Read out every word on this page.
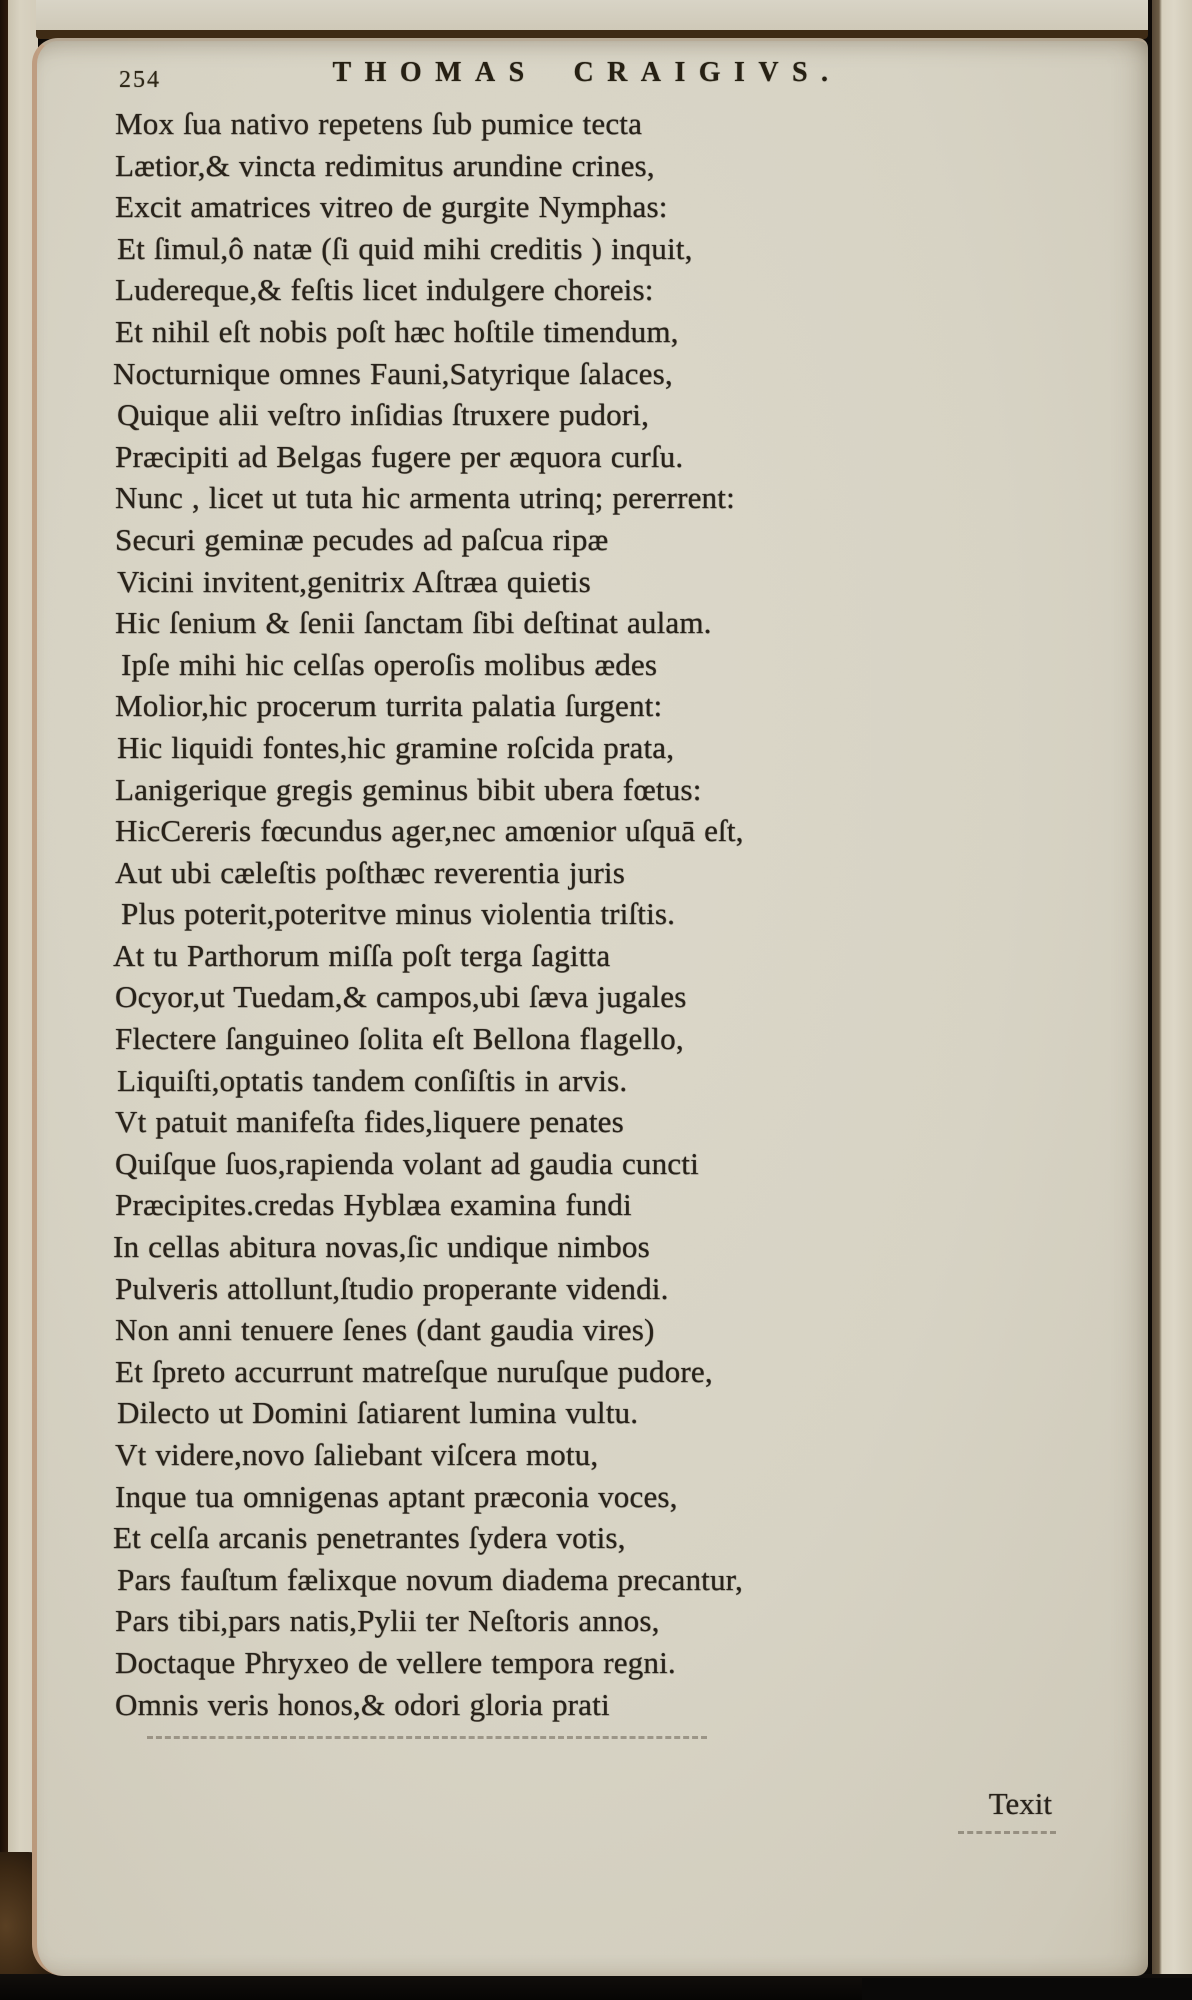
254	THOMAS CRAIGIVS.
Mox ſua nativo repetens ſub pumice tecta
Lætior,& vincta redimitus arundine crines,
Excit amatrices vitreo de gurgite Nymphas:
Et ſimul,ô natæ (ſi quid mihi creditis ) inquit,
Ludereque,& feſtis licet indulgere choreis:
Et nihil eſt nobis poſt hæc hoſtile timendum,
Nocturnique omnes Fauni,Satyrique ſalaces,
Quique alii veſtro inſidias ſtruxere pudori,
Præcipiti ad Belgas fugere per æquora curſu.
Nunc , licet ut tuta hic armenta utrinq; pererrent:
Securi geminæ pecudes ad paſcua ripæ
Vicini invitent,genitrix Aſtræa quietis
Hic ſenium & ſenii ſanctam ſibi deſtinat aulam.
Ipſe mihi hic celſas operoſis molibus ædes
Molior,hic procerum turrita palatia ſurgent:
Hic liquidi fontes,hic gramine roſcida prata,
Lanigerique gregis geminus bibit ubera fœtus:
HicCereris fœcundus ager,nec amœnior uſquā eſt,
Aut ubi cæleſtis poſthæc reverentia juris
Plus poterit,poteritve minus violentia triſtis.
At tu Parthorum miſſa poſt terga ſagitta
Ocyor,ut Tuedam,& campos,ubi ſæva jugales
Flectere ſanguineo ſolita eſt Bellona flagello,
Liquiſti,optatis tandem conſiſtis in arvis.
Vt patuit manifeſta fides,liquere penates
Quiſque ſuos,rapienda volant ad gaudia cuncti
Præcipites.credas Hyblæa examina fundi
In cellas abitura novas,ſic undique nimbos
Pulveris attollunt,ſtudio properante videndi.
Non anni tenuere ſenes (dant gaudia vires)
Et ſpreto accurrunt matreſque nuruſque pudore,
Dilecto ut Domini ſatiarent lumina vultu.
Vt videre,novo ſaliebant viſcera motu,
Inque tua omnigenas aptant præconia voces,
Et celſa arcanis penetrantes ſydera votis,
Pars fauſtum fælixque novum diadema precantur,
Pars tibi,pars natis,Pylii ter Neſtoris annos,
Doctaque Phryxeo de vellere tempora regni.
Omnis veris honos,& odori gloria prati
Texit
